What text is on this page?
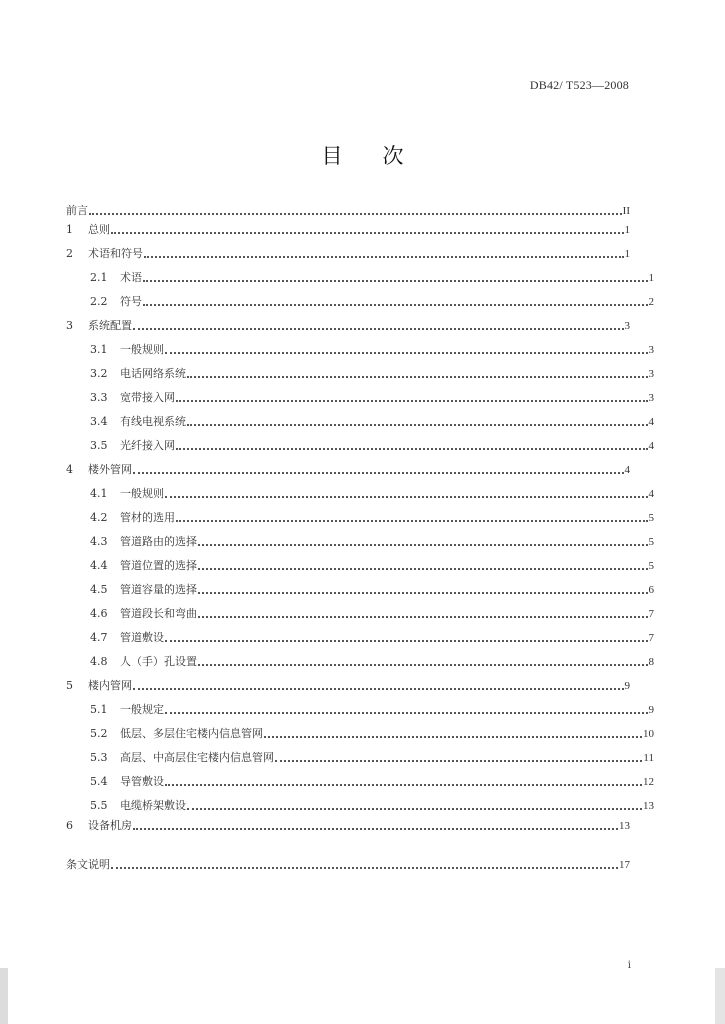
DB42/ T523—2008
目 次
前言	II
1	总则	1
2	术语和符号	1
2.1	术语	1
2.2	符号	2
3	系统配置	3
3.1	一般规则	3
3.2	电话网络系统	3
3.3	宽带接入网	3
3.4	有线电视系统	4
3.5	光纤接入网	4
4	楼外管网	4
4.1	一般规则	4
4.2	管材的选用	5
4.3	管道路由的选择	5
4.4	管道位置的选择	5
4.5	管道容量的选择	6
4.6	管道段长和弯曲	7
4.7	管道敷设	7
4.8	人（手）孔设置	8
5	楼内管网	9
5.1	一般规定	9
5.2	低层、多层住宅楼内信息管网	10
5.3	高层、中高层住宅楼内信息管网	11
5.4	导管敷设	12
5.5	电缆桥架敷设	13
6	设备机房	13
条文说明	17
i
